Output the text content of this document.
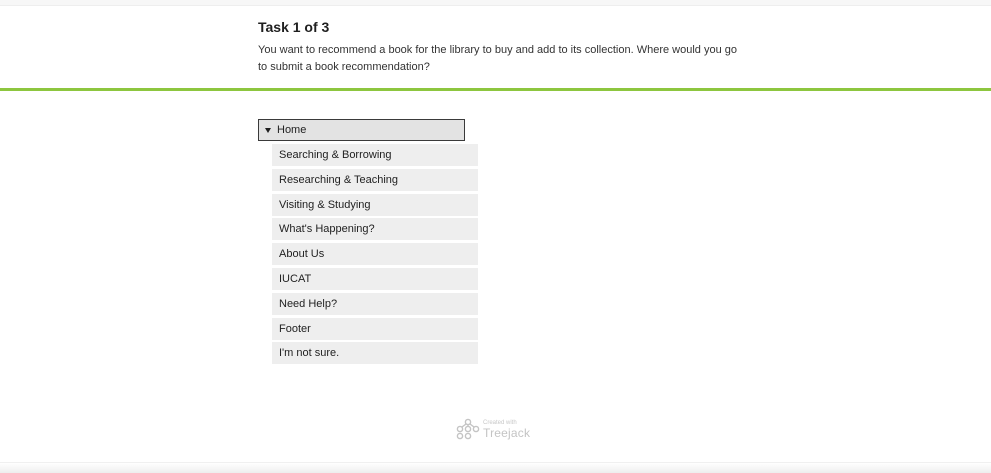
Task 1 of 3

You want to recommend a book for the library to buy and add to its collection. Where would you go to submit a book recommendation?

Home
Searching & Borrowing
Researching & Teaching
Visiting & Studying
What's Happening?
About Us
IUCAT
Need Help?
Footer
I'm not sure.
Created with
Treejack
